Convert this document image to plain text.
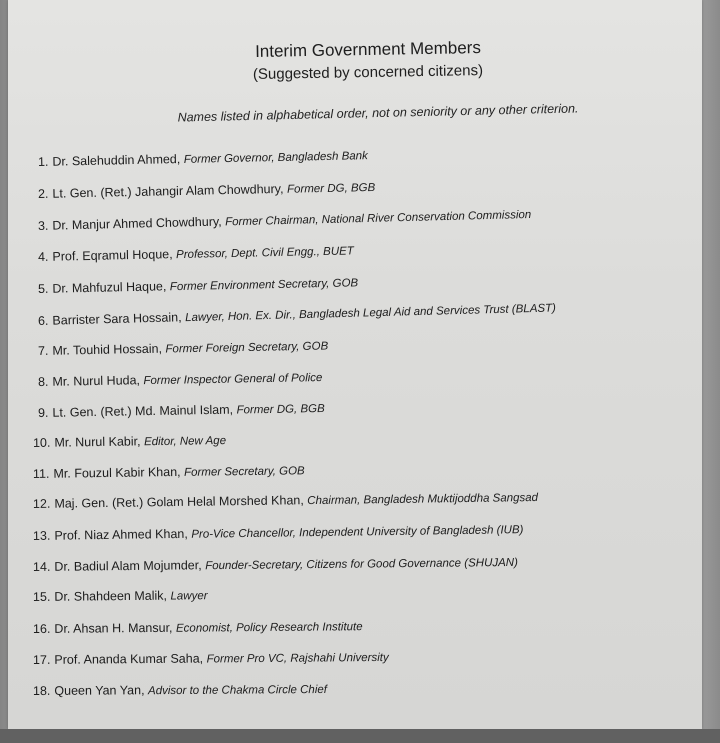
Interim Government Members
(Suggested by concerned citizens)
Names listed in alphabetical order, not on seniority or any other criterion.
1. Dr. Salehuddin Ahmed, Former Governor, Bangladesh Bank
2. Lt. Gen. (Ret.) Jahangir Alam Chowdhury, Former DG, BGB
3. Dr. Manjur Ahmed Chowdhury, Former Chairman, National River Conservation Commission
4. Prof. Eqramul Hoque, Professor, Dept. Civil Engg., BUET
5. Dr. Mahfuzul Haque, Former Environment Secretary, GOB
6. Barrister Sara Hossain, Lawyer, Hon. Ex. Dir., Bangladesh Legal Aid and Services Trust (BLAST)
7. Mr. Touhid Hossain, Former Foreign Secretary, GOB
8. Mr. Nurul Huda, Former Inspector General of Police
9. Lt. Gen. (Ret.) Md. Mainul Islam, Former DG, BGB
10. Mr. Nurul Kabir, Editor, New Age
11. Mr. Fouzul Kabir Khan, Former Secretary, GOB
12. Maj. Gen. (Ret.) Golam Helal Morshed Khan, Chairman, Bangladesh Muktijoddha Sangsad
13. Prof. Niaz Ahmed Khan, Pro-Vice Chancellor, Independent University of Bangladesh (IUB)
14. Dr. Badiul Alam Mojumder, Founder-Secretary, Citizens for Good Governance (SHUJAN)
15. Dr. Shahdeen Malik, Lawyer
16. Dr. Ahsan H. Mansur, Economist, Policy Research Institute
17. Prof. Ananda Kumar Saha, Former Pro VC, Rajshahi University
18. Queen Yan Yan, Advisor to the Chakma Circle Chief
